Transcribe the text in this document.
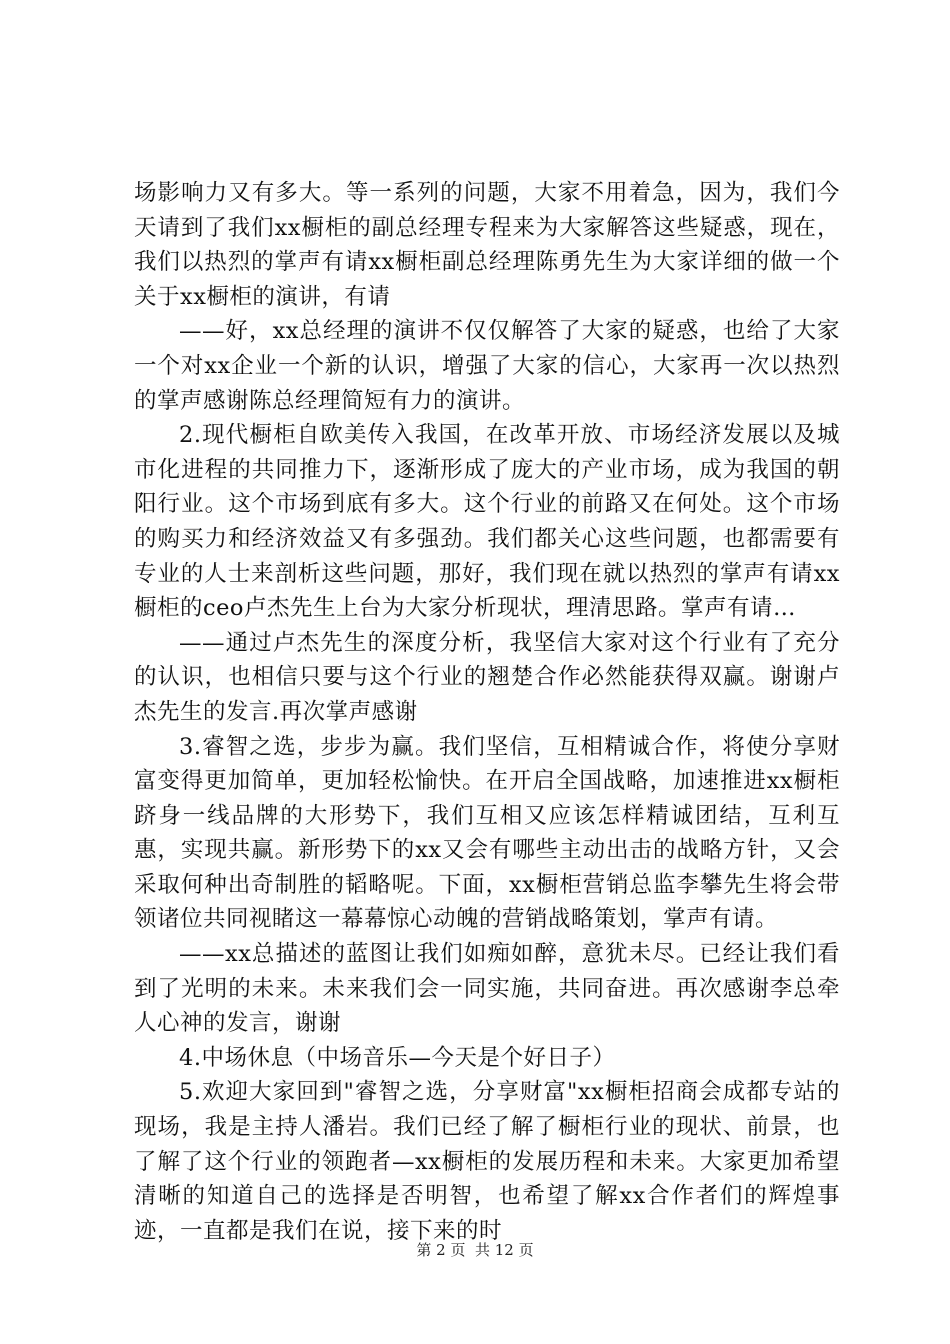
场影响力又有多大。等一系列的问题，大家不用着急，因为，我们今天请到了我们xx橱柜的副总经理专程来为大家解答这些疑惑，现在，我们以热烈的掌声有请xx橱柜副总经理陈勇先生为大家详细的做一个关于xx橱柜的演讲，有请

——好，xx总经理的演讲不仅仅解答了大家的疑惑，也给了大家一个对xx企业一个新的认识，增强了大家的信心，大家再一次以热烈的掌声感谢陈总经理简短有力的演讲。

2.现代橱柜自欧美传入我国，在改革开放、市场经济发展以及城市化进程的共同推力下，逐渐形成了庞大的产业市场，成为我国的朝阳行业。这个市场到底有多大。这个行业的前路又在何处。这个市场的购买力和经济效益又有多强劲。我们都关心这些问题，也都需要有专业的人士来剖析这些问题，那好，我们现在就以热烈的掌声有请xx橱柜的ceo卢杰先生上台为大家分析现状，理清思路。掌声有请…

——通过卢杰先生的深度分析，我坚信大家对这个行业有了充分的认识，也相信只要与这个行业的翘楚合作必然能获得双赢。谢谢卢杰先生的发言.再次掌声感谢

3.睿智之选，步步为赢。我们坚信，互相精诚合作，将使分享财富变得更加简单，更加轻松愉快。在开启全国战略，加速推进xx橱柜跻身一线品牌的大形势下，我们互相又应该怎样精诚团结，互利互惠，实现共赢。新形势下的xx又会有哪些主动出击的战略方针，又会采取何种出奇制胜的韬略呢。下面，xx橱柜营销总监李攀先生将会带领诸位共同视睹这一幕幕惊心动魄的营销战略策划，掌声有请。

——xx总描述的蓝图让我们如痴如醉，意犹未尽。已经让我们看到了光明的未来。未来我们会一同实施，共同奋进。再次感谢李总牵人心神的发言，谢谢

4.中场休息（中场音乐—今天是个好日子）

5.欢迎大家回到"睿智之选，分享财富"xx橱柜招商会成都专站的现场，我是主持人潘岩。我们已经了解了橱柜行业的现状、前景，也了解了这个行业的领跑者—xx橱柜的发展历程和未来。大家更加希望清晰的知道自己的选择是否明智，也希望了解xx合作者们的辉煌事迹，一直都是我们在说，接下来的时

第 2 页  共 12 页
